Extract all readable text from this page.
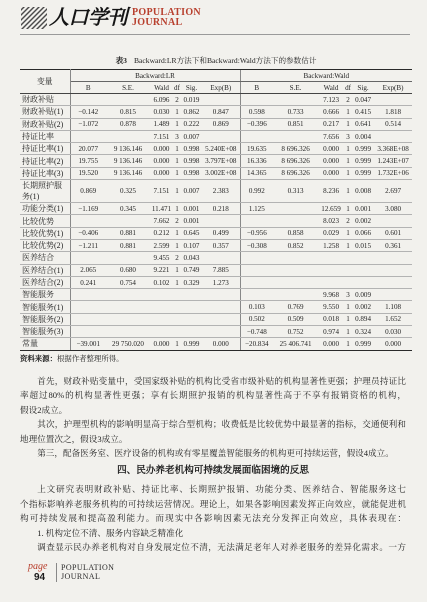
人口学刊 POPULATION
JOURNAL
表3 Backward:LR方法下和Backward:Wald方法下的参数估计
变量	Backward:LR						Backward:Wald					
	B	S.E.	Wald	df	Sig.	Exp(B)	B	S.E.	Wald	df	Sig.	Exp(B)
财政补贴			6.096	2	0.019				7.123	2	0.047	
财政补贴(1)	−0.142	0.815	0.030	1	0.862	0.847	0.598	0.733	0.666	1	0.415	1.818
财政补贴(2)	−1.072	0.878	1.489	1	0.222	0.869	−0.396	0.851	0.217	1	0.641	0.514
持证比率			7.151	3	0.007				7.656	3	0.004	
持证比率(1)	20.077	9 136.146	0.000	1	0.998	5.240E+08	19.635	8 696.326	0.000	1	0.999	3.368E+08
持证比率(2)	19.755	9 136.146	0.000	1	0.998	3.797E+08	16.336	8 696.326	0.000	1	0.999	1.243E+07
持证比率(3)	19.520	9 136.146	0.000	1	0.998	3.002E+08	14.365	8 696.326	0.000	1	0.999	1.732E+06
长期照护服务(1)	0.869	0.325	7.151	1	0.007	2.383	0.992	0.313	8.236	1	0.008	2.697
功能分类(1)	−1.169	0.345	11.471	1	0.001	0.218	1.125		12.659	1	0.001	3.080
比较优势			7.662	2	0.001				8.023	2	0.002	
比较优势(1)	−0.406	0.881	0.212	1	0.645	0.499	−0.956	0.858	0.029	1	0.066	0.601
比较优势(2)	−1.211	0.881	2.599	1	0.107	0.357	−0.308	0.852	1.258	1	0.015	0.361
医养结合			9.455	2	0.043							
医养结合(1)	2.065	0.680	9.221	1	0.749	7.885						
医养结合(2)	0.241	0.754	0.102	1	0.329	1.273						
智能服务									9.968	3	0.009	
智能服务(1)							0.103	0.769	9.550	1	0.002	1.108
智能服务(2)							0.502	0.509	0.018	1	0.894	1.652
智能服务(3)							−0.748	0.752	0.974	1	0.324	0.030
常量	−39.001	29 750.020	0.000	1	0.999	0.000	−20.834	25 406.741	0.000	1	0.999	0.000
资料来源：根据作者整理所得。

首先，财政补贴变量中，受国家级补贴的机构比受省市级补贴的机构显著性更强；护理员持证比

率超过80%的机构显著性更强；享有长期照护报销的机构显著性高于不享有报销资格的机构，

假设2成立。

其次，护理型机构的影响明显高于综合型机构；收费低是比较优势中最显著的指标，交通便利和

地理位置次之，假设3成立。

第三，配备医务室、医疗设备的机构或有零星覆盖智能服务的机构更可持续运营，假设4成立。

四、民办养老机构可持续发展面临困境的反思

上文研究表明财政补贴、持证比率、长期照护报销、功能分类、医养结合、智能服务这七

个指标影响养老服务机构的可持续运营情况。理论上，如果各影响因素发挥正向效应，就能促进机

构可持续发展和提高盈利能力。而现实中各影响因素无法充分发挥正向效应，具体表现在：

1. 机构定位不清、服务内容缺乏精准化

调查显示民办养老机构对自身发展定位不清，无法满足老年人对养老服务的差异化需求。一方

page
94
POPULATION
JOURNAL
